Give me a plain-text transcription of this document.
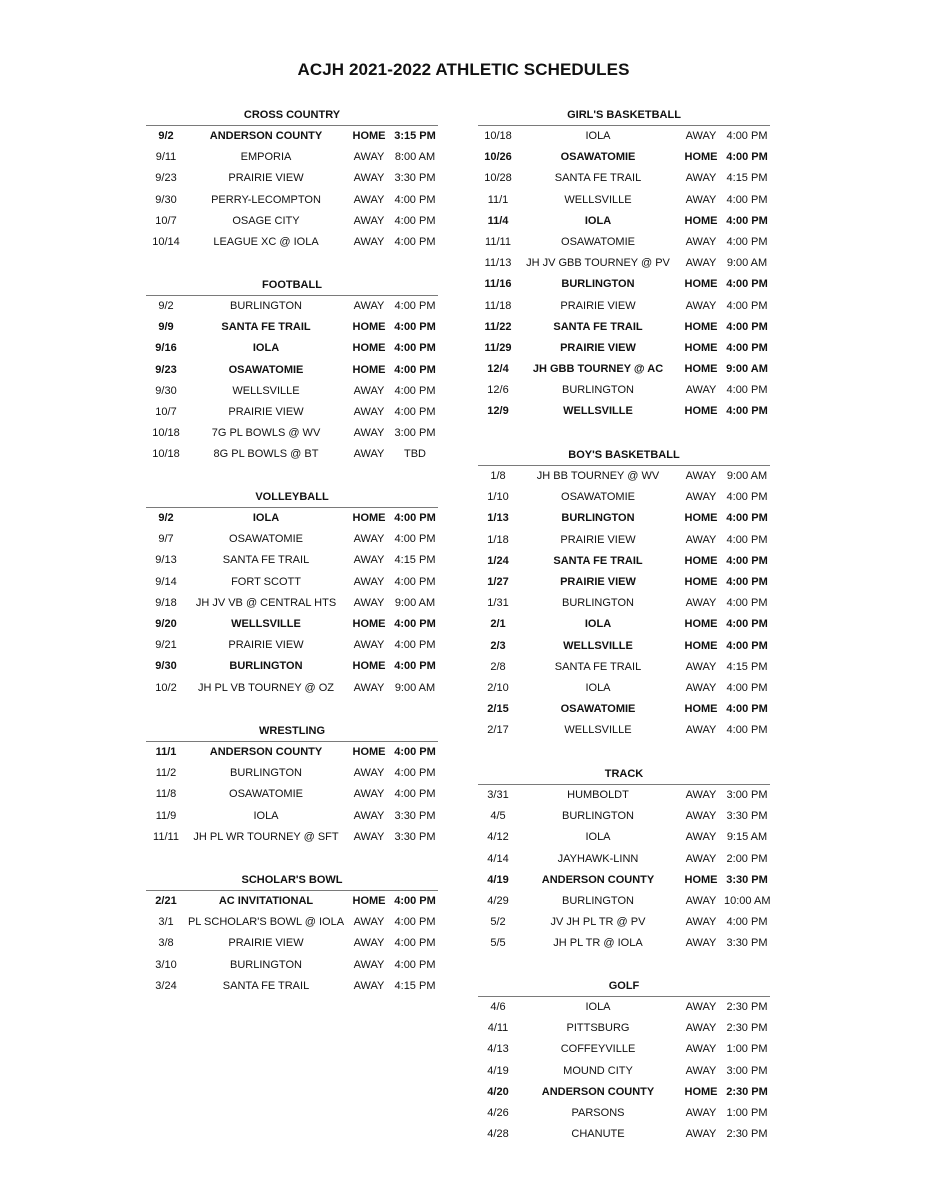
ACJH 2021-2022 ATHLETIC SCHEDULES
CROSS COUNTRY
9/2	ANDERSON COUNTY	HOME 3:15 PM
9/11	EMPORIA	AWAY 8:00 AM
9/23	PRAIRIE VIEW	AWAY 3:30 PM
9/30	PERRY-LECOMPTON	AWAY 4:00 PM
10/7	OSAGE CITY	AWAY 4:00 PM
10/14	LEAGUE XC @ IOLA	AWAY 4:00 PM
FOOTBALL
9/2	BURLINGTON	AWAY 4:00 PM
9/9	SANTA FE TRAIL	HOME 4:00 PM
9/16	IOLA	HOME 4:00 PM
9/23	OSAWATOMIE	HOME 4:00 PM
9/30	WELLSVILLE	AWAY 4:00 PM
10/7	PRAIRIE VIEW	AWAY 4:00 PM
10/18	7G PL BOWLS @ WV	AWAY 3:00 PM
10/18	8G PL BOWLS @ BT	AWAY	TBD
VOLLEYBALL
9/2	IOLA	HOME 4:00 PM
9/7	OSAWATOMIE	AWAY 4:00 PM
9/13	SANTA FE TRAIL	AWAY 4:15 PM
9/14	FORT SCOTT	AWAY 4:00 PM
9/18	JH JV VB @ CENTRAL HTS	AWAY 9:00 AM
9/20	WELLSVILLE	HOME 4:00 PM
9/21	PRAIRIE VIEW	AWAY 4:00 PM
9/30	BURLINGTON	HOME 4:00 PM
10/2	JH PL VB TOURNEY @ OZ	AWAY 9:00 AM
WRESTLING
11/1	ANDERSON COUNTY	HOME 4:00 PM
11/2	BURLINGTON	AWAY 4:00 PM
11/8	OSAWATOMIE	AWAY 4:00 PM
11/9	IOLA	AWAY 3:30 PM
11/11	JH PL WR TOURNEY @ SFT	AWAY 3:30 PM
SCHOLAR'S BOWL
2/21	AC INVITATIONAL	HOME 4:00 PM
3/1	PL SCHOLAR'S BOWL @ IOLA AWAY 4:00 PM
3/8	PRAIRIE VIEW	AWAY 4:00 PM
3/10	BURLINGTON	AWAY 4:00 PM
3/24	SANTA FE TRAIL	AWAY 4:15 PM
GIRL'S BASKETBALL
10/18	IOLA	AWAY 4:00 PM
10/26	OSAWATOMIE	HOME 4:00 PM
10/28	SANTA FE TRAIL	AWAY 4:15 PM
11/1	WELLSVILLE	AWAY 4:00 PM
11/4	IOLA	HOME 4:00 PM
11/11	OSAWATOMIE	AWAY 4:00 PM
11/13	JH JV GBB TOURNEY @ PV	AWAY 9:00 AM
11/16	BURLINGTON	HOME 4:00 PM
11/18	PRAIRIE VIEW	AWAY 4:00 PM
11/22	SANTA FE TRAIL	HOME 4:00 PM
11/29	PRAIRIE VIEW	HOME 4:00 PM
12/4	JH GBB TOURNEY @ AC	HOME 9:00 AM
12/6	BURLINGTON	AWAY 4:00 PM
12/9	WELLSVILLE	HOME 4:00 PM
BOY'S BASKETBALL
1/8	JH BB TOURNEY @ WV	AWAY 9:00 AM
1/10	OSAWATOMIE	AWAY 4:00 PM
1/13	BURLINGTON	HOME 4:00 PM
1/18	PRAIRIE VIEW	AWAY 4:00 PM
1/24	SANTA FE TRAIL	HOME 4:00 PM
1/27	PRAIRIE VIEW	HOME 4:00 PM
1/31	BURLINGTON	AWAY 4:00 PM
2/1	IOLA	HOME 4:00 PM
2/3	WELLSVILLE	HOME 4:00 PM
2/8	SANTA FE TRAIL	AWAY 4:15 PM
2/10	IOLA	AWAY 4:00 PM
2/15	OSAWATOMIE	HOME 4:00 PM
2/17	WELLSVILLE	AWAY 4:00 PM
TRACK
3/31	HUMBOLDT	AWAY 3:00 PM
4/5	BURLINGTON	AWAY 3:30 PM
4/12	IOLA	AWAY 9:15 AM
4/14	JAYHAWK-LINN	AWAY 2:00 PM
4/19	ANDERSON COUNTY	HOME 3:30 PM
4/29	BURLINGTON	AWAY 10:00 AM
5/2	JV JH PL TR @ PV	AWAY 4:00 PM
5/5	JH PL TR @ IOLA	AWAY 3:30 PM
GOLF
4/6	IOLA	AWAY 2:30 PM
4/11	PITTSBURG	AWAY 2:30 PM
4/13	COFFEYVILLE	AWAY 1:00 PM
4/19	MOUND CITY	AWAY 3:00 PM
4/20	ANDERSON COUNTY	HOME 2:30 PM
4/26	PARSONS	AWAY 1:00 PM
4/28	CHANUTE	AWAY 2:30 PM
